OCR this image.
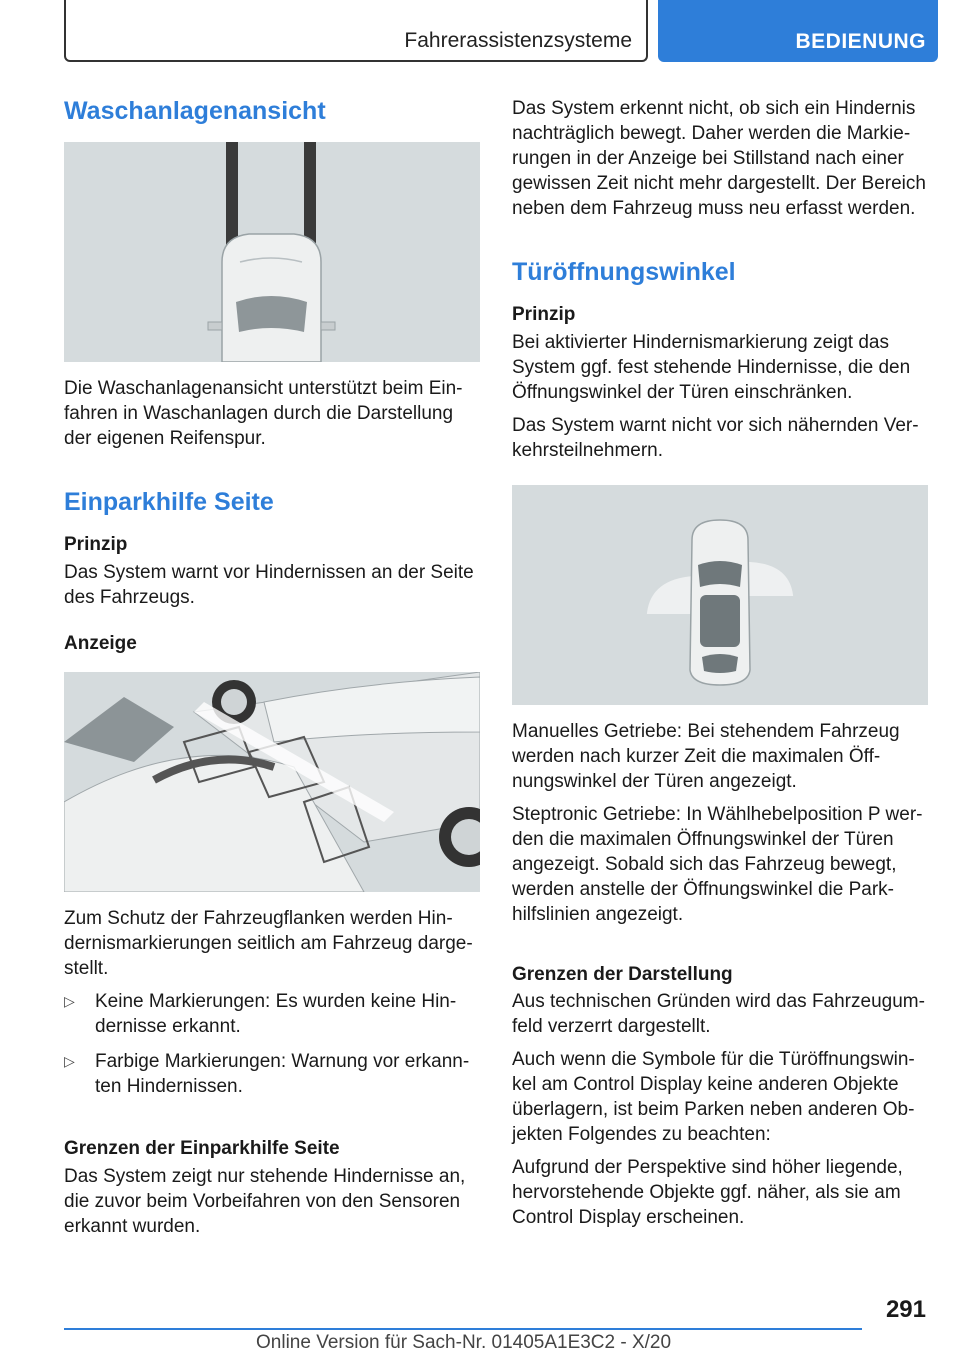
Fahrerassistenzsysteme	BEDIENUNG
Waschanlagenansicht

Die Waschanlagenansicht unterstützt beim Einfahren in Waschanlagen durch die Darstellung der eigenen Reifenspur.

Einparkhilfe Seite
Prinzip

Das System warnt vor Hindernissen an der Seite des Fahrzeugs.

Anzeige

Zum Schutz der Fahrzeugflanken werden Hindernismarkierungen seitlich am Fahrzeug dargestellt.

▷ Keine Markierungen: Es wurden keine Hindernisse erkannt.
▷ Farbige Markierungen: Warnung vor erkannten Hindernissen.
Grenzen der Einparkhilfe Seite

Das System zeigt nur stehende Hindernisse an, die zuvor beim Vorbeifahren von den Sensoren erkannt wurden.

Das System erkennt nicht, ob sich ein Hindernis nachträglich bewegt. Daher werden die Markierungen in der Anzeige bei Stillstand nach einer gewissen Zeit nicht mehr dargestellt. Der Bereich neben dem Fahrzeug muss neu erfasst werden.

Türöffnungswinkel
Prinzip

Bei aktivierter Hindernismarkierung zeigt das System ggf. fest stehende Hindernisse, die den Öffnungswinkel der Türen einschränken.

Das System warnt nicht vor sich nähernden Verkehrsteilnehmern.

Manuelles Getriebe: Bei stehendem Fahrzeug werden nach kurzer Zeit die maximalen Öffnungswinkel der Türen angezeigt.

Steptronic Getriebe: In Wählhebelposition P werden die maximalen Öffnungswinkel der Türen angezeigt. Sobald sich das Fahrzeug bewegt, werden anstelle der Öffnungswinkel die Parkhilfslinien angezeigt.

Grenzen der Darstellung

Aus technischen Gründen wird das Fahrzeugumfeld verzerrt dargestellt.

Auch wenn die Symbole für die Türöffnungswinkel am Control Display keine anderen Objekte überlagern, ist beim Parken neben anderen Objekten Folgendes zu beachten:

Aufgrund der Perspektive sind höher liegende, hervorstehende Objekte ggf. näher, als sie am Control Display erscheinen.

291
Online Version für Sach-Nr. 01405A1E3C2 - X/20
